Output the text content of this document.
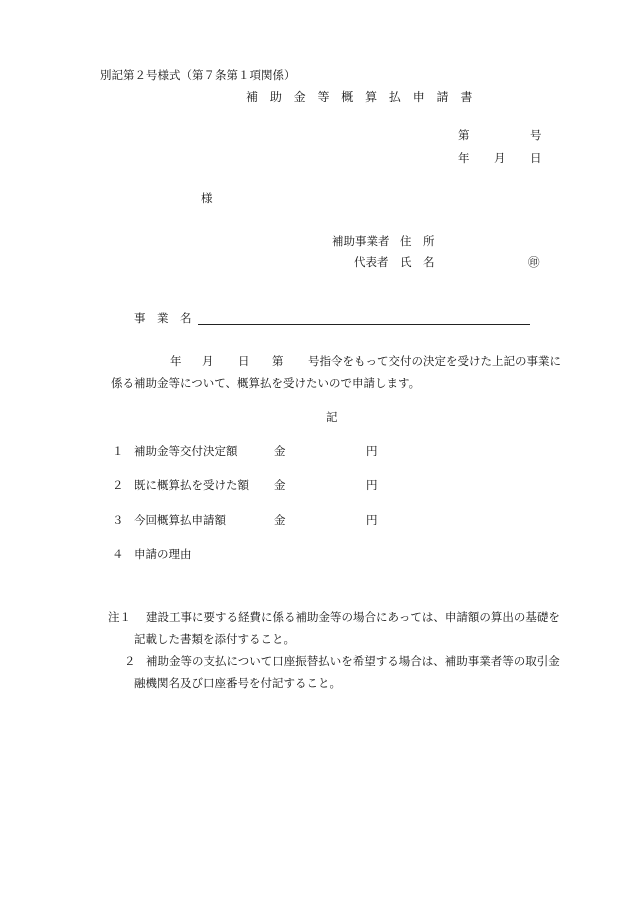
別記第２号様式（第７条第１項関係）
補 助 金 等 概 算 払 申 請 書
第	号
年 月 日
様
補助事業者 住　所
代表者 氏　名	㊞
事　業　名
年 月 日 第 号指令をもって交付の決定を受けた上記の事業に
係る補助金等について、概算払を受けたいので申請します。
記
１ 補助金等交付決定額	金	円
２ 既に概算払を受けた額 金	円
３ 今回概算払申請額	金	円
４ 申請の理由
注１ 建設工事に要する経費に係る補助金等の場合にあっては、申請額の算出の基礎を
記載した書類を添付すること。
２ 補助金等の支払について口座振替払いを希望する場合は、補助事業者等の取引金
融機関名及び口座番号を付記すること。
